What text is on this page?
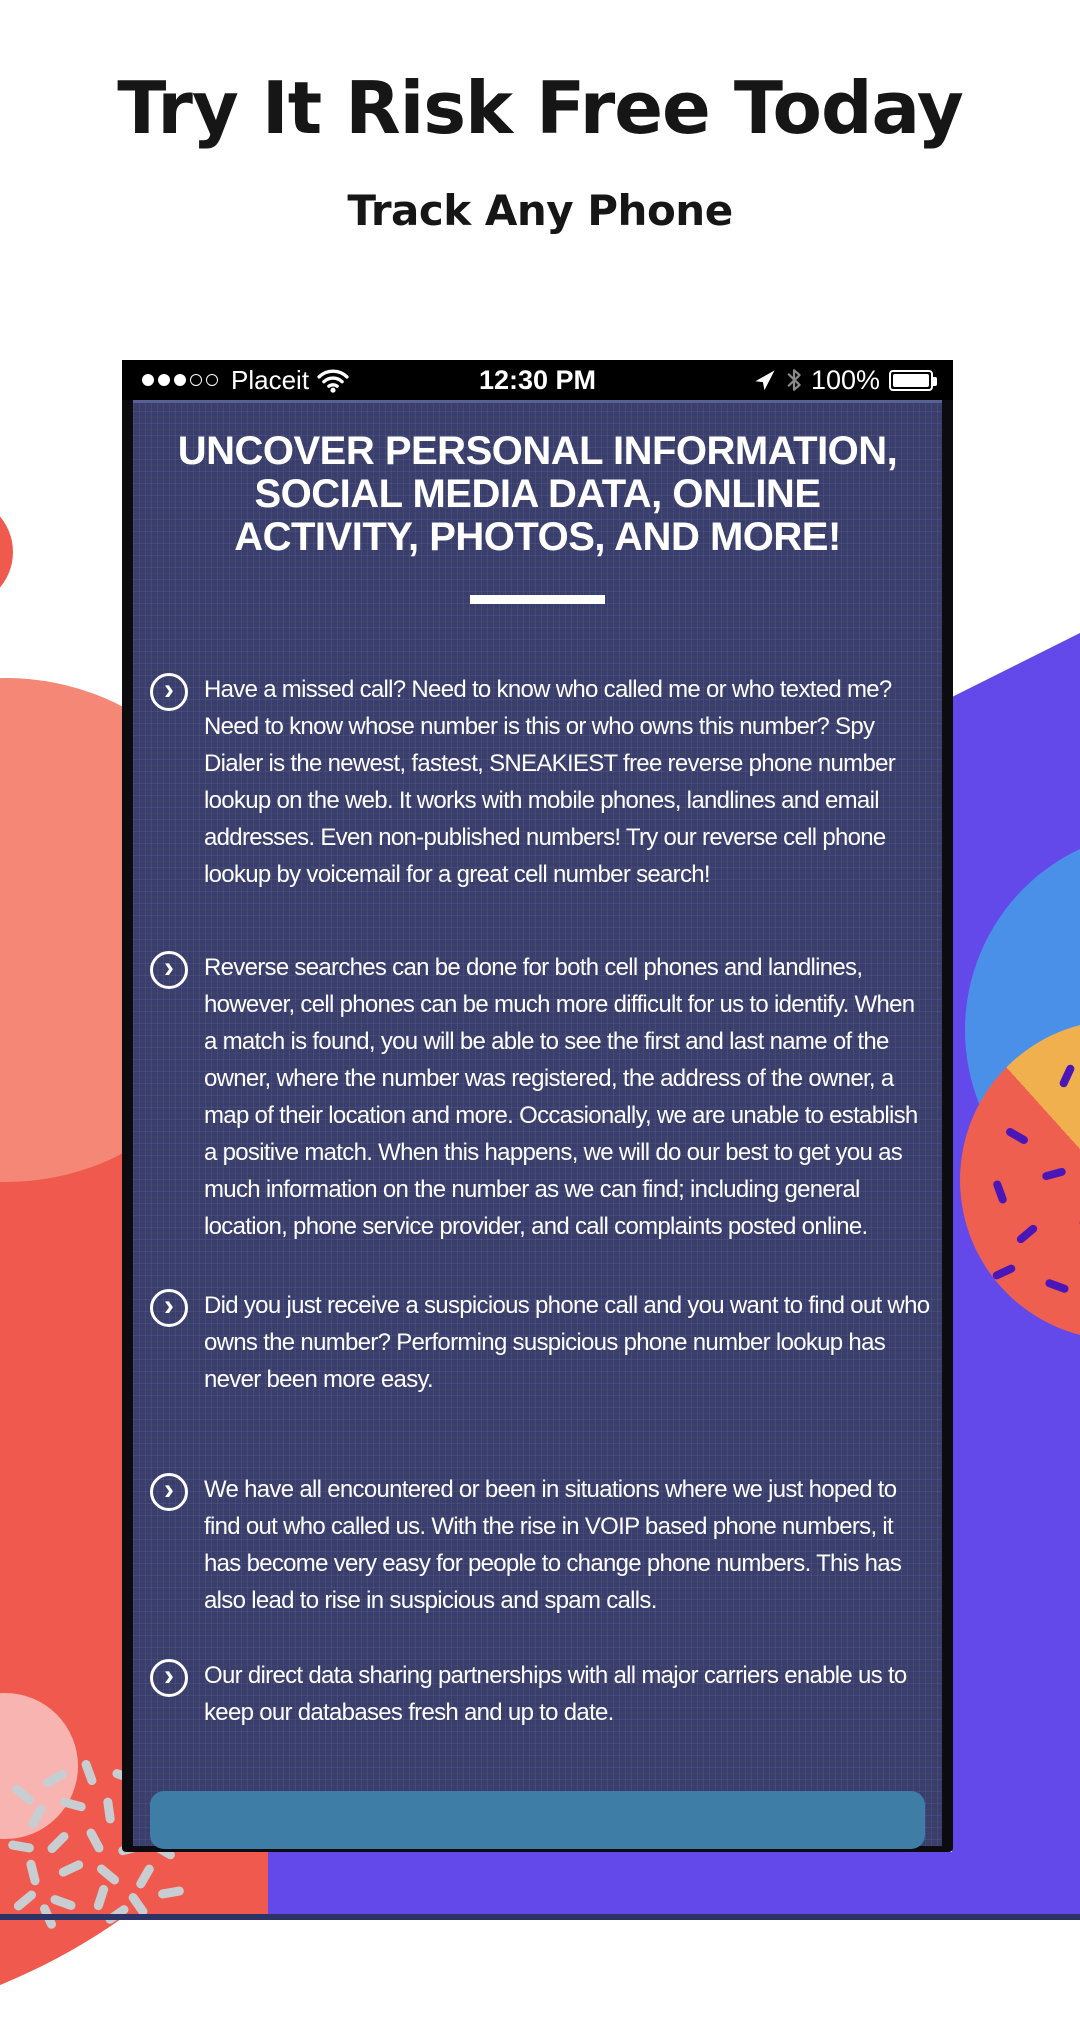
Try It Risk Free Today
Track Any Phone
Placeit	12:30 PM	100%
UNCOVER PERSONAL INFORMATION,
SOCIAL MEDIA DATA, ONLINE
ACTIVITY, PHOTOS, AND MORE!
›	Have a missed call? Need to know who called me or who texted me? Need to know whose number is this or who owns this number? Spy Dialer is the newest, fastest, SNEAKIEST free reverse phone number lookup on the web. It works with mobile phones, landlines and email addresses. Even non-published numbers! Try our reverse cell phone lookup by voicemail for a great cell number search!
›	Reverse searches can be done for both cell phones and landlines, however, cell phones can be much more difficult for us to identify. When a match is found, you will be able to see the first and last name of the owner, where the number was registered, the address of the owner, a map of their location and more. Occasionally, we are unable to establish a positive match. When this happens, we will do our best to get you as much information on the number as we can find; including general location, phone service provider, and call complaints posted online.
›	Did you just receive a suspicious phone call and you want to find out who owns the number? Performing suspicious phone number lookup has never been more easy.
›	We have all encountered or been in situations where we just hoped to find out who called us. With the rise in VOIP based phone numbers, it has become very easy for people to change phone numbers. This has also lead to rise in suspicious and spam calls.
›	Our direct data sharing partnerships with all major carriers enable us to keep our databases fresh and up to date.
